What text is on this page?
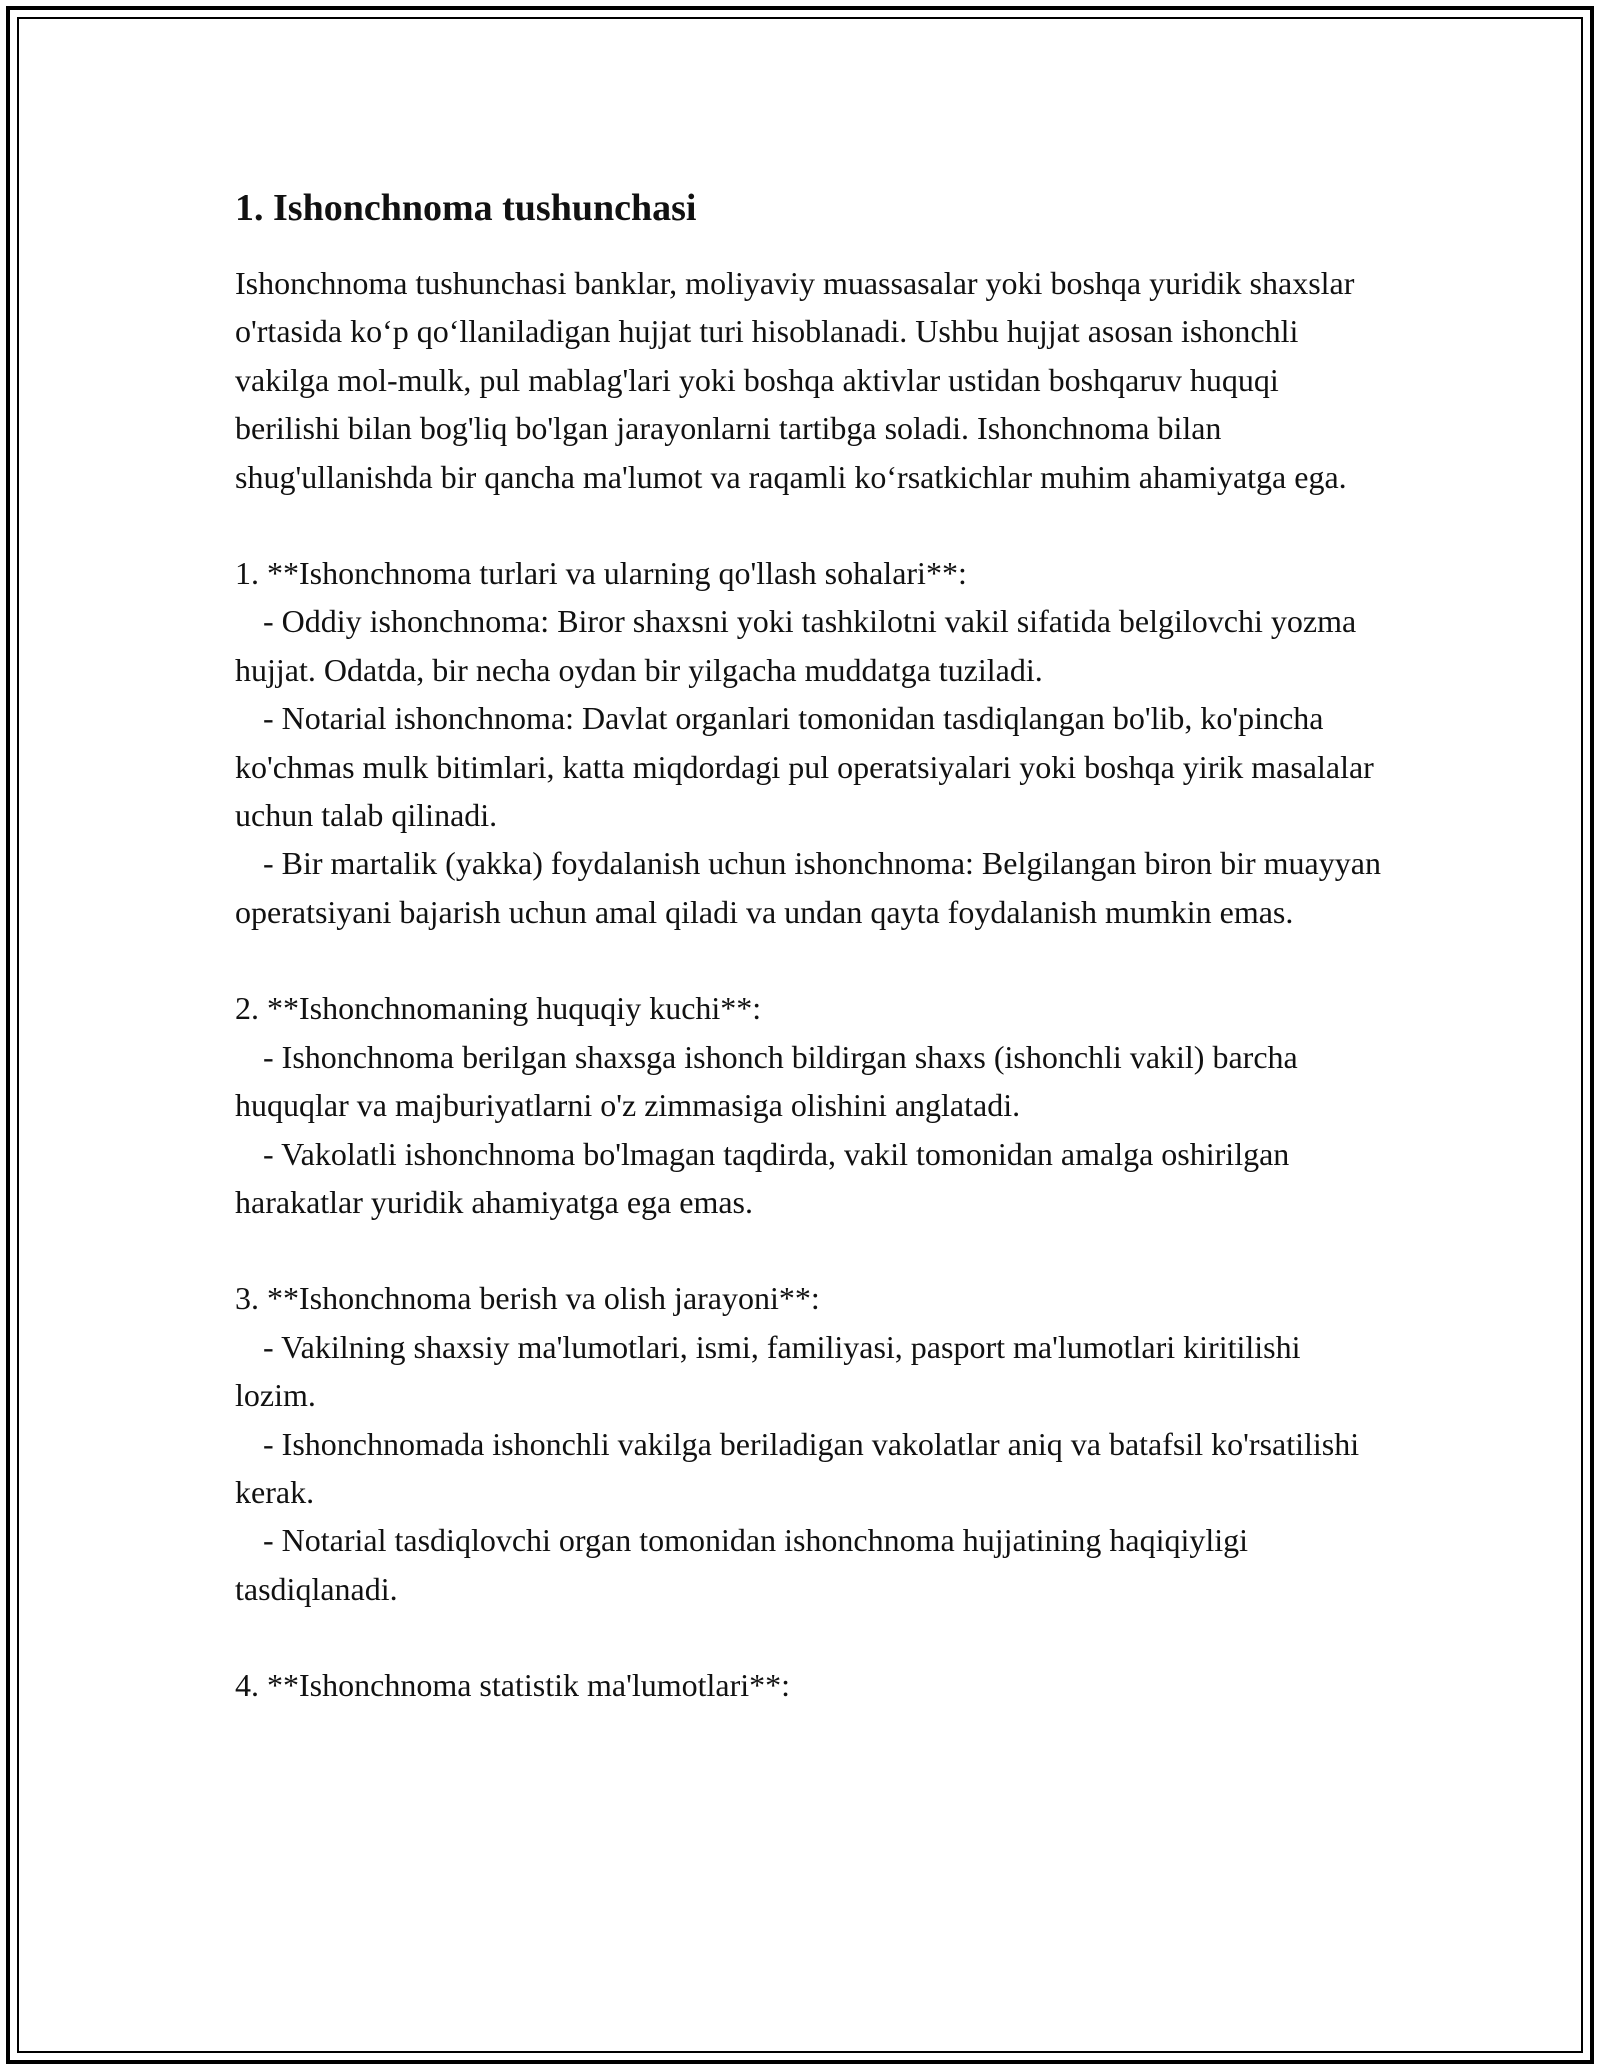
1. Ishonchnoma tushunchasi

Ishonchnoma tushunchasi banklar, moliyaviy muassasalar yoki boshqa yuridik shaxslar o'rtasida ko‘p qo‘llaniladigan hujjat turi hisoblanadi. Ushbu hujjat asosan ishonchli vakilga mol-mulk, pul mablag'lari yoki boshqa aktivlar ustidan boshqaruv huquqi berilishi bilan bog'liq bo'lgan jarayonlarni tartibga soladi. Ishonchnoma bilan shug'ullanishda bir qancha ma'lumot va raqamli ko‘rsatkichlar muhim ahamiyatga ega.

1. **Ishonchnoma turlari va ularning qo'llash sohalari**:

- Oddiy ishonchnoma: Biror shaxsni yoki tashkilotni vakil sifatida belgilovchi yozma hujjat. Odatda, bir necha oydan bir yilgacha muddatga tuziladi.

- Notarial ishonchnoma: Davlat organlari tomonidan tasdiqlangan bo'lib, ko'pincha ko'chmas mulk bitimlari, katta miqdordagi pul operatsiyalari yoki boshqa yirik masalalar uchun talab qilinadi.

- Bir martalik (yakka) foydalanish uchun ishonchnoma: Belgilangan biron bir muayyan operatsiyani bajarish uchun amal qiladi va undan qayta foydalanish mumkin emas.

2. **Ishonchnomaning huquqiy kuchi**:

- Ishonchnoma berilgan shaxsga ishonch bildirgan shaxs (ishonchli vakil) barcha huquqlar va majburiyatlarni o'z zimmasiga olishini anglatadi.

- Vakolatli ishonchnoma bo'lmagan taqdirda, vakil tomonidan amalga oshirilgan harakatlar yuridik ahamiyatga ega emas.

3. **Ishonchnoma berish va olish jarayoni**:

- Vakilning shaxsiy ma'lumotlari, ismi, familiyasi, pasport ma'lumotlari kiritilishi lozim.

- Ishonchnomada ishonchli vakilga beriladigan vakolatlar aniq va batafsil ko'rsatilishi kerak.

- Notarial tasdiqlovchi organ tomonidan ishonchnoma hujjatining haqiqiyligi tasdiqlanadi.

4. **Ishonchnoma statistik ma'lumotlari**:
